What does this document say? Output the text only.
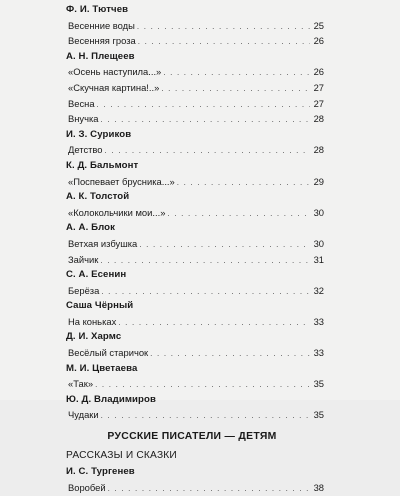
Ф. И. Тютчев
Весенние воды . . .	25
Весенняя гроза . . .	26
А. Н. Плещеев
«Осень наступила...» . . .	26
«Скучная картина!..» . . .	27
Весна . . .	27
Внучка . . .	28
И. З. Суриков
Детство . . .	28
К. Д. Бальмонт
«Поспевает брусника...» . . .	29
А. К. Толстой
«Колокольчики мои...» . . .	30
А. А. Блок
Ветхая избушка . . .	30
Зайчик . . .	31
С. А. Есенин
Берёза . . .	32
Саша Чёрный
На коньках . . .	33
Д. И. Хармс
Весёлый старичок . . .	33
М. И. Цветаева
«Так» . . .	35
Ю. Д. Владимиров
Чудаки . . .	35
РУССКИЕ ПИСАТЕЛИ — ДЕТЯМ
РАССКАЗЫ И СКАЗКИ
И. С. Тургенев
Воробей . . .	38
